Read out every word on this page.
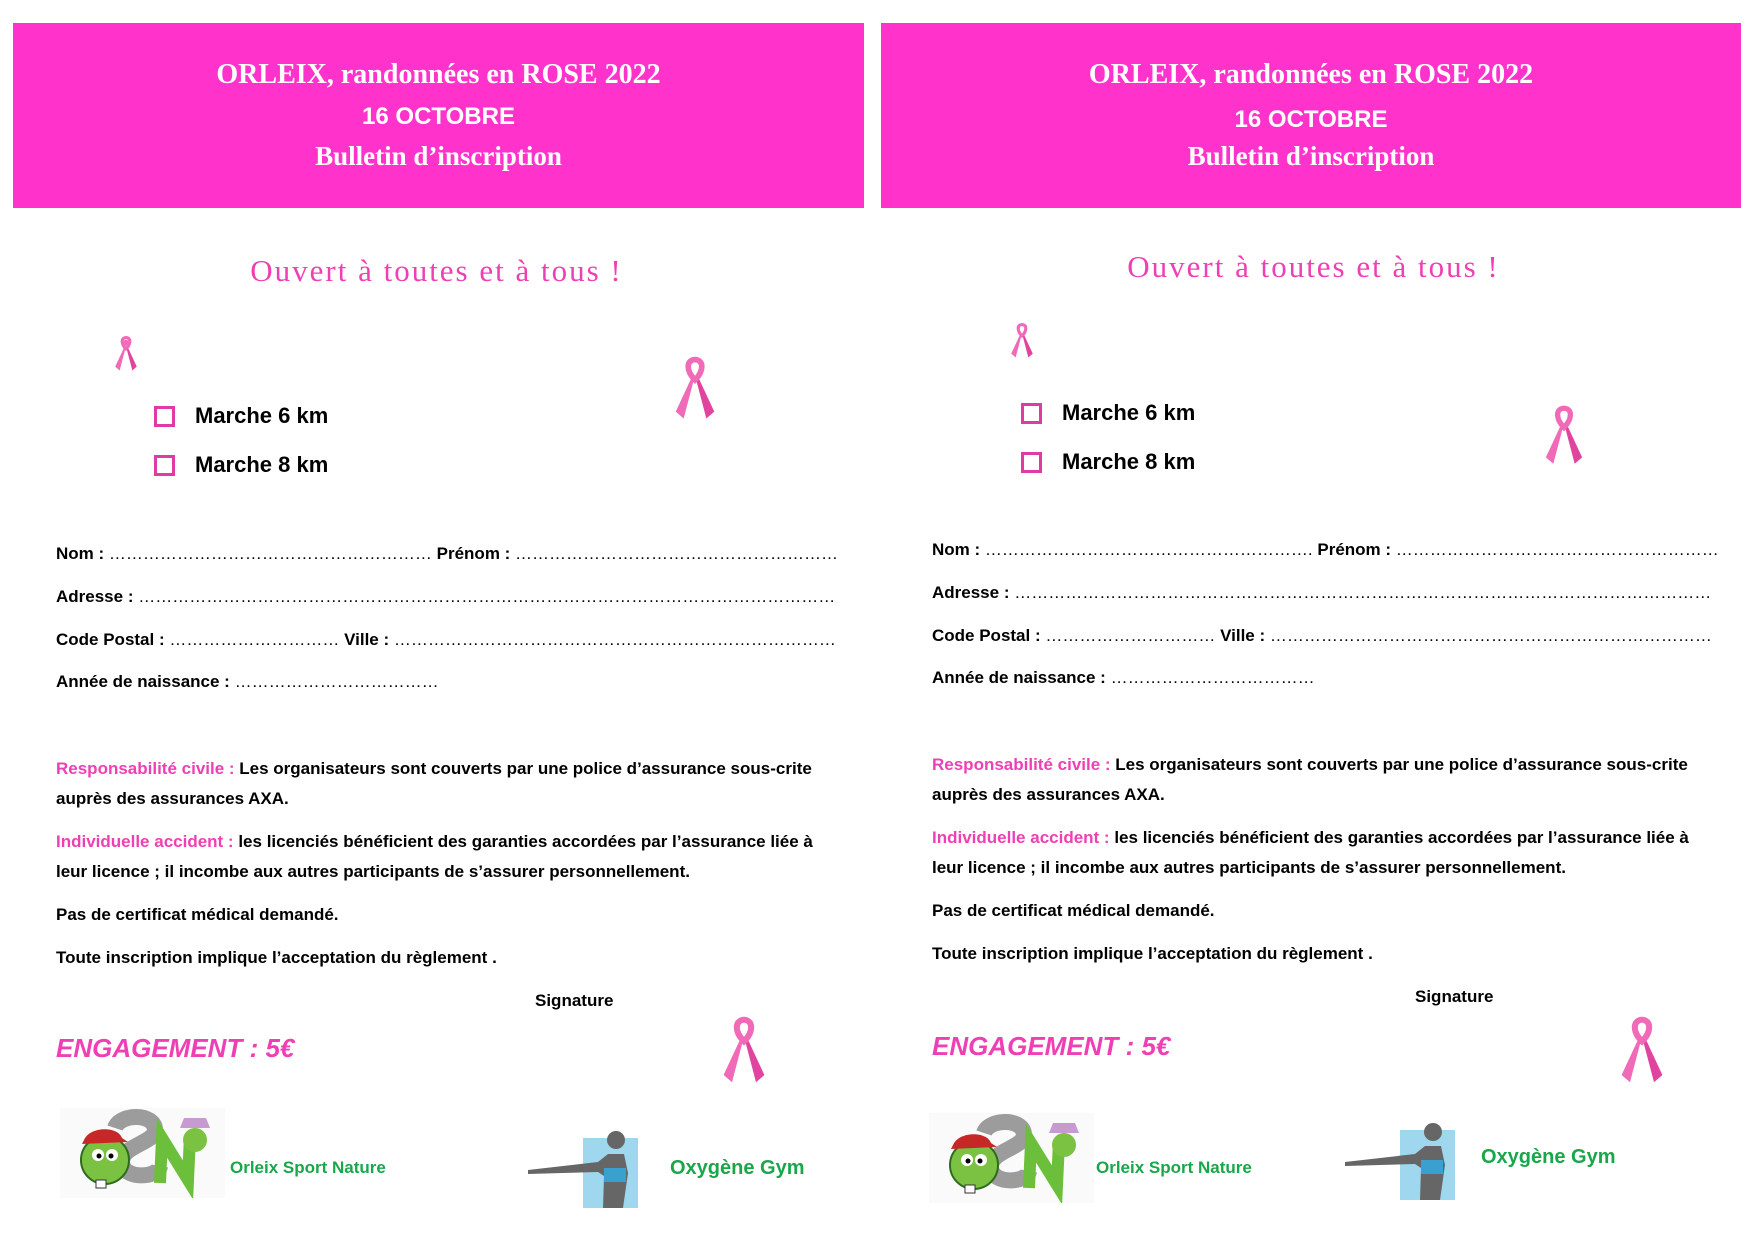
ORLEIX, randonnées en ROSE 2022
16 OCTOBRE
Bulletin d’inscription
Ouvert à toutes et à tous !
Marche 6 km
Marche 8 km
Nom : ………………………………………………… Prénom : …………………………………………………
Adresse : ……………………………………………………………………………………………………………
Code Postal : ………………………… Ville : ……………………………………………………………………
Année de naissance : ………………………………
Responsabilité civile : Les organisateurs sont couverts par une police d’assurance sous-crite auprès des assurances AXA.
Individuelle accident : les licenciés bénéficient des garanties accordées par l’assurance liée à leur licence ; il incombe aux autres participants de s’assurer personnellement.
Pas de certificat médical demandé.
Toute inscription implique l’acceptation du règlement .
Signature
ENGAGEMENT : 5€
Orleix Sport Nature	Oxygène Gym
ORLEIX, randonnées en ROSE 2022
16 OCTOBRE
Bulletin d’inscription
Ouvert à toutes et à tous !
Marche 6 km
Marche 8 km
Nom : …………………………………………………. Prénom : …………………………………………………
Adresse : ……………………………………………………………………………………………………………
Code Postal : ………………………… Ville : ……………………………………………………………………
Année de naissance : ………………………………
Responsabilité civile : Les organisateurs sont couverts par une police d’assurance sous-crite auprès des assurances AXA.
Individuelle accident : les licenciés bénéficient des garanties accordées par l’assurance liée à leur licence ; il incombe aux autres participants de s’assurer personnellement.
Pas de certificat médical demandé.
Toute inscription implique l’acceptation du règlement .
Signature
ENGAGEMENT : 5€
Orleix Sport Nature	Oxygène Gym
